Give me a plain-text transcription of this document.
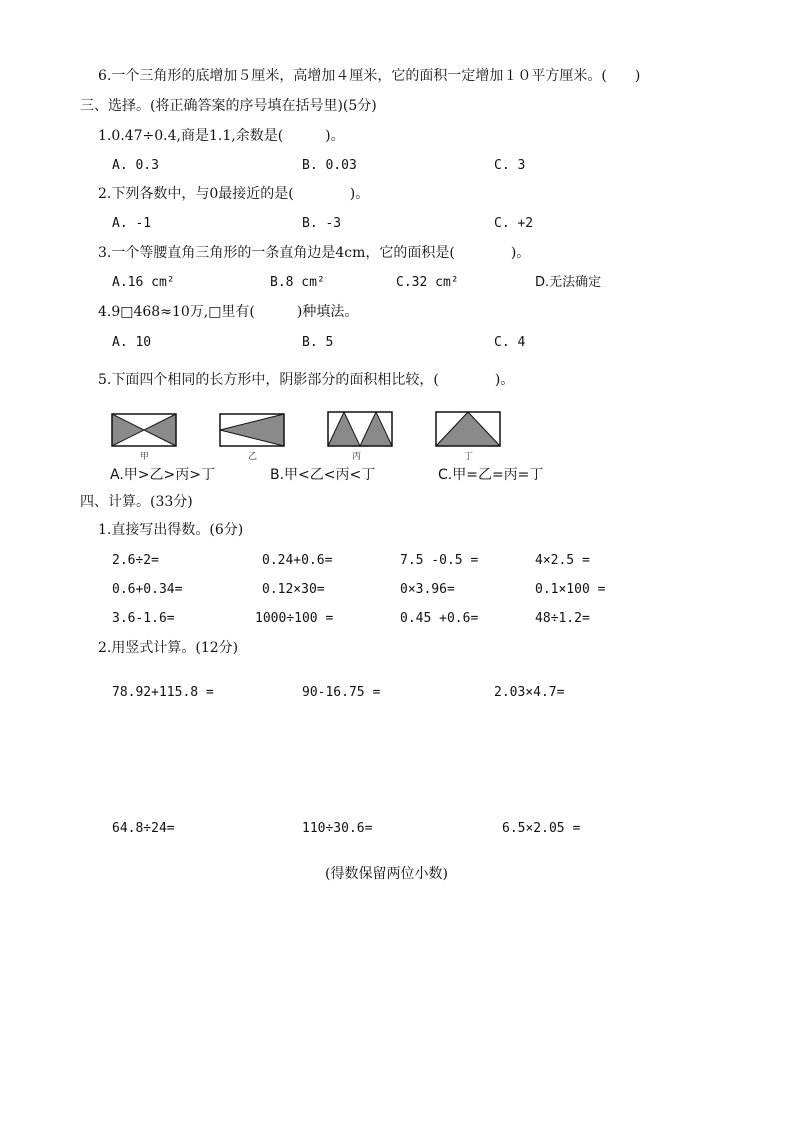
6.一个三角形的底增加５厘米，高增加４厘米，它的面积一定增加１０平方厘米。(　　)
三、选择。(将正确答案的序号填在括号里)(5分)
1.0.47÷0.4,商是1.1,余数是(　　　)。
A. 0.3	B. 0.03	C. 3
2.下列各数中，与0最接近的是(　　　　)。
A. -1	B. -3	C. +2
3.一个等腰直角三角形的一条直角边是4cm，它的面积是(　　　　)。
A.16 cm²	B.8 cm²	C.32 cm²	D.无法确定
4.9□468≈10万,□里有(　　　)种填法。
A. 10	B. 5	C. 4
5.下面四个相同的长方形中，阴影部分的面积相比较，(　　　　)。
甲	乙	丙	丁
A.甲>乙>丙>丁	B.甲<乙<丙<丁	C.甲=乙=丙=丁
四、计算。(33分)
1.直接写出得数。(6分)
2.6÷2=	0.24+0.6=	7.5 -0.5 =	4×2.5 =
0.6+0.34=	0.12×30=	0×3.96=	0.1×100 =
3.6-1.6=	1000÷100 =	0.45 +0.6=	48÷1.2=
2.用竖式计算。(12分)
78.92+115.8 =	90-16.75 =	2.03×4.7=
64.8÷24=	110÷30.6=	6.5×2.05 =
(得数保留两位小数)
